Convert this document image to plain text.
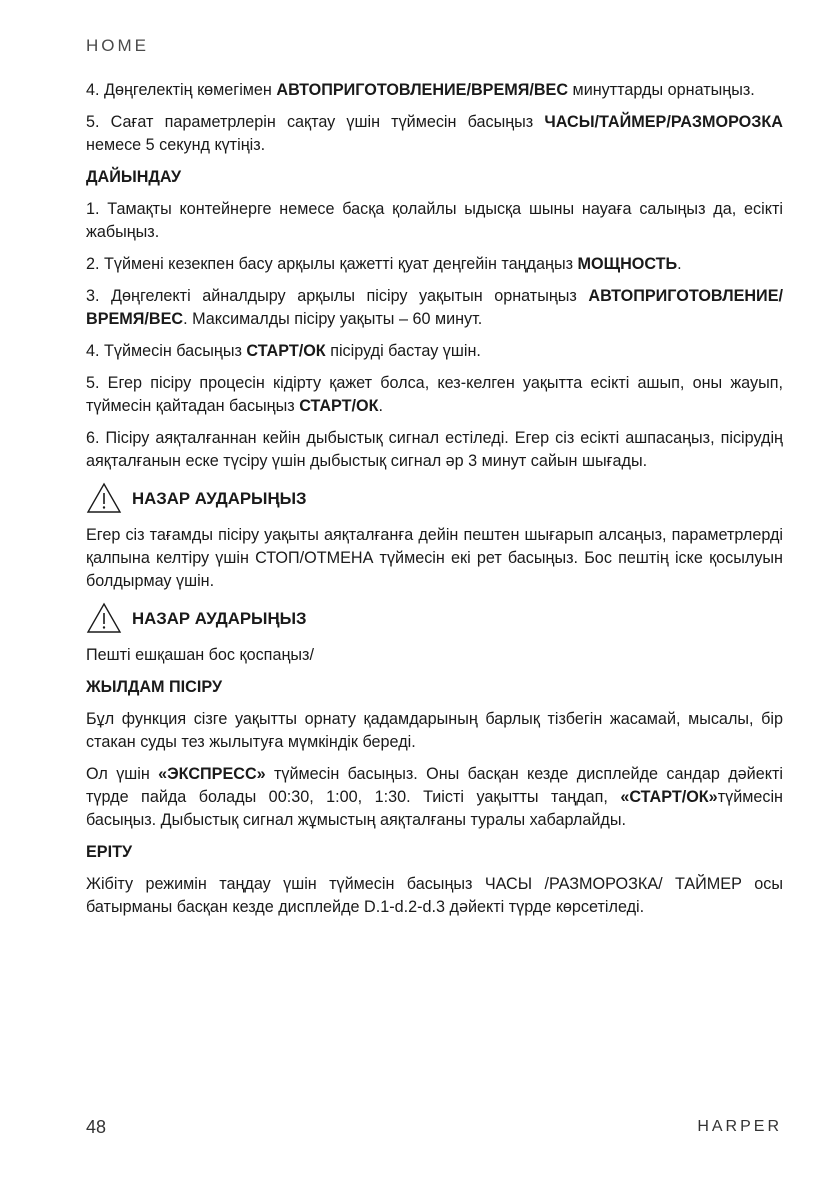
HOME

4. Дөңгелектің көмегімен АВТОПРИГОТОВЛЕНИЕ/ВРЕМЯ/ВЕС минуттарды орнатыңыз.

5. Сағат параметрлерін сақтау үшін түймесін басыңыз ЧАСЫ/ТАЙМЕР/РАЗМОРОЗКА немесе 5 секунд күтіңіз.

ДАЙЫНДАУ

1. Тамақты контейнерге немесе басқа қолайлы ыдысқа шыны науаға салыңыз да, есікті жабыңыз.

2. Түймені кезекпен басу арқылы қажетті қуат деңгейін таңдаңыз МОЩНОСТЬ.

3. Дөңгелекті айналдыру арқылы пісіру уақытын орнатыңыз АВТОПРИГОТОВЛЕНИЕ/ВРЕМЯ/ВЕС. Максималды пісіру уақыты – 60 минут.

4. Түймесін басыңыз СТАРТ/ОК пісіруді бастау үшін.

5. Егер пісіру процесін кідірту қажет болса, кез-келген уақытта есікті ашып, оны жауып, түймесін қайтадан басыңыз СТАРТ/ОК.

6. Пісіру аяқталғаннан кейін дыбыстық сигнал естіледі. Егер сіз есікті ашпасаңыз, пісірудің аяқталғанын еске түсіру үшін дыбыстық сигнал әр 3 минут сайын шығады.

НАЗАР АУДАРЫҢЫЗ

Егер сіз тағамды пісіру уақыты аяқталғанға дейін пештен шығарып алсаңыз, параметрлерді қалпына келтіру үшін СТОП/ОТМЕНА түймесін екі рет басыңыз. Бос пештің іске қосылуын болдырмау үшін.

НАЗАР АУДАРЫҢЫЗ

Пешті ешқашан бос қоспаңыз/

ЖЫЛДАМ ПІСІРУ

Бұл функция сізге уақытты орнату қадамдарының барлық тізбегін жасамай, мысалы, бір стакан суды тез жылытуға мүмкіндік береді.

Ол үшін «ЭКСПРЕСС» түймесін басыңыз. Оны басқан кезде дисплейде сандар дәйекті түрде пайда болады 00:30, 1:00, 1:30. Тиісті уақытты таңдап, «СТАРТ/ОК»түймесін басыңыз. Дыбыстық сигнал жұмыстың аяқталғаны туралы хабарлайды.

ЕРІТУ

Жібіту режимін таңдау үшін түймесін басыңыз ЧАСЫ /РАЗМОРОЗКА/ ТАЙМЕР осы батырманы басқан кезде дисплейде D.1-d.2-d.3 дәйекті түрде көрсетіледі.

48	HARPER
